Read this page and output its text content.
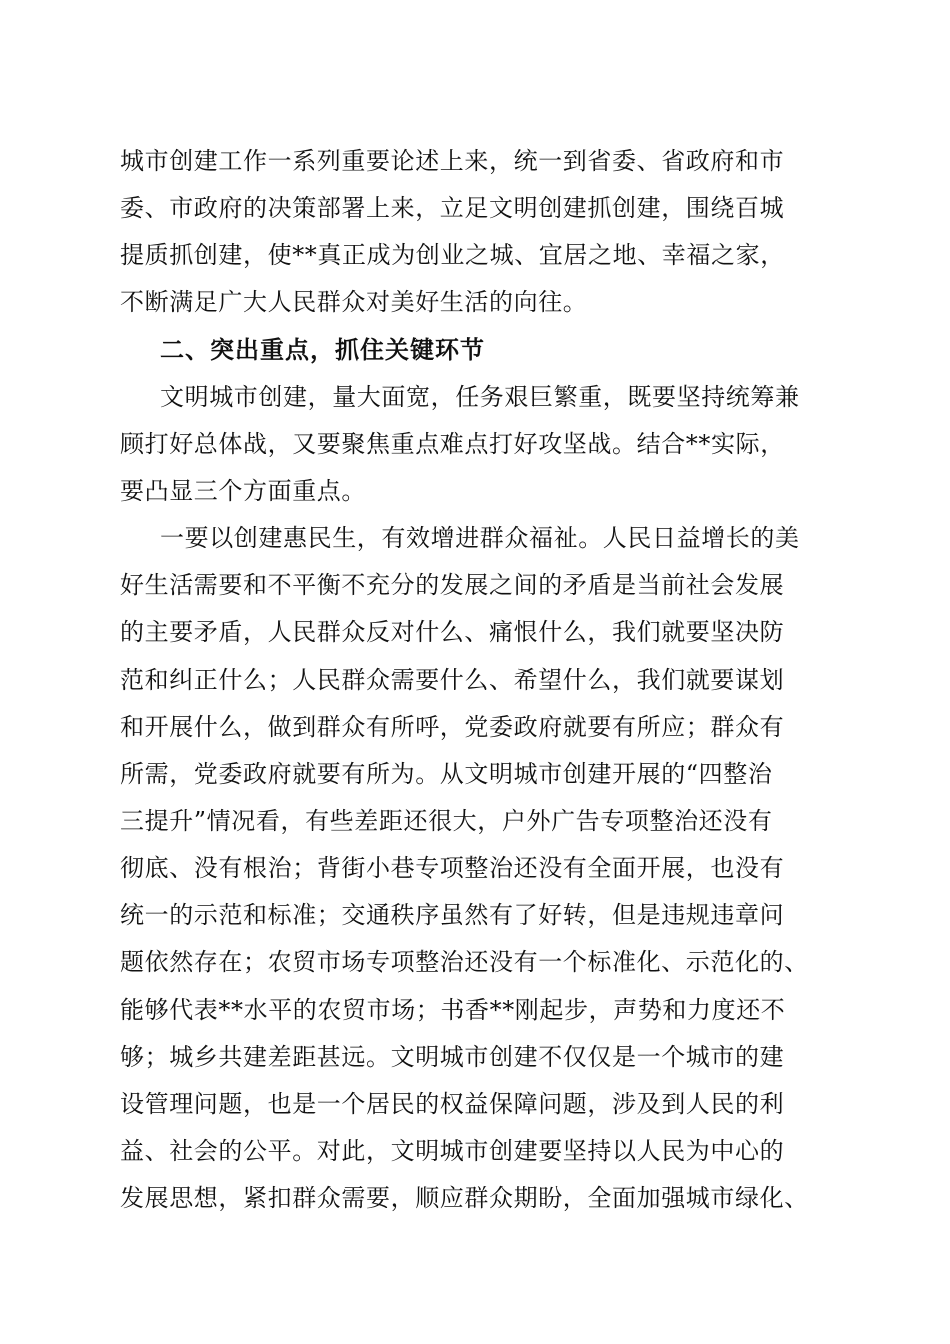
城市创建工作一系列重要论述上来，统一到省委、省政府和市
委、市政府的决策部署上来，立足文明创建抓创建，围绕百城
提质抓创建，使**真正成为创业之城、宜居之地、幸福之家，
不断满足广大人民群众对美好生活的向往。
二、突出重点，抓住关键环节
文明城市创建，量大面宽，任务艰巨繁重，既要坚持统筹兼
顾打好总体战，又要聚焦重点难点打好攻坚战。结合**实际，
要凸显三个方面重点。
一要以创建惠民生，有效增进群众福祉。人民日益增长的美
好生活需要和不平衡不充分的发展之间的矛盾是当前社会发展
的主要矛盾，人民群众反对什么、痛恨什么，我们就要坚决防
范和纠正什么；人民群众需要什么、希望什么，我们就要谋划
和开展什么，做到群众有所呼，党委政府就要有所应；群众有
所需，党委政府就要有所为。从文明城市创建开展的“四整治
三提升”情况看，有些差距还很大，户外广告专项整治还没有
彻底、没有根治；背街小巷专项整治还没有全面开展，也没有
统一的示范和标准；交通秩序虽然有了好转，但是违规违章问
题依然存在；农贸市场专项整治还没有一个标准化、示范化的、
能够代表**水平的农贸市场；书香**刚起步，声势和力度还不
够；城乡共建差距甚远。文明城市创建不仅仅是一个城市的建
设管理问题，也是一个居民的权益保障问题，涉及到人民的利
益、社会的公平。对此，文明城市创建要坚持以人民为中心的
发展思想，紧扣群众需要，顺应群众期盼，全面加强城市绿化、
